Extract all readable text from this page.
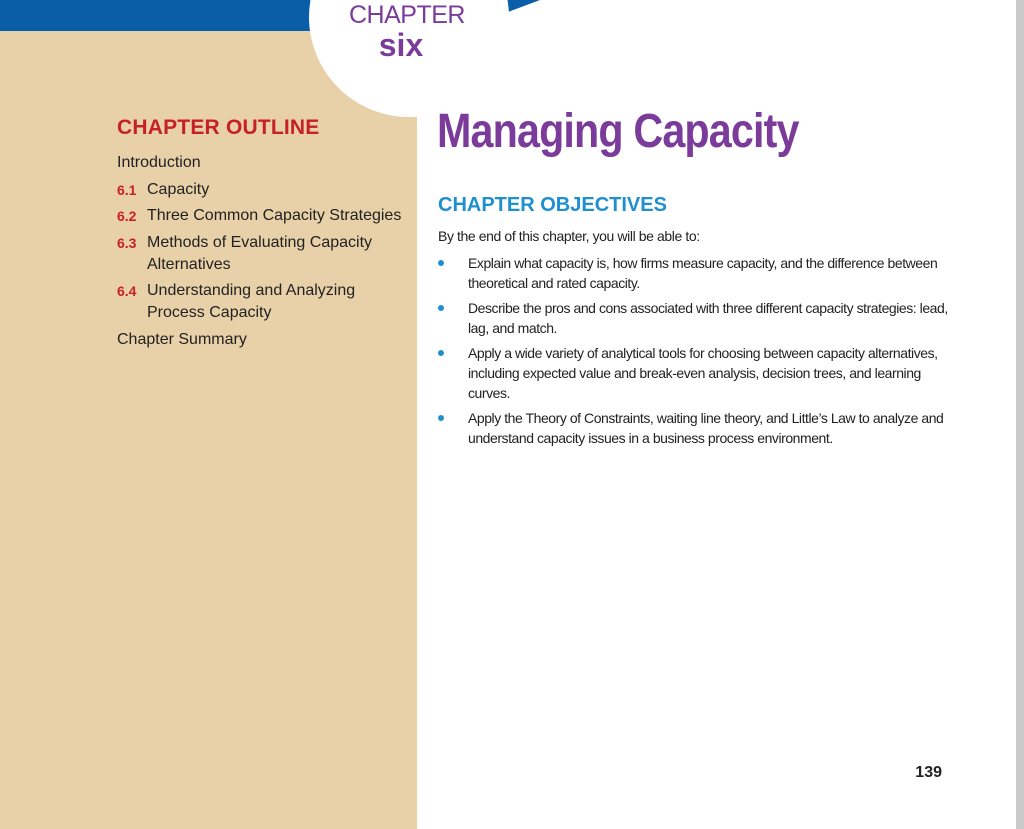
CHAPTER
six
CHAPTER OUTLINE
Introduction
6.1 Capacity
6.2 Three Common Capacity Strategies
6.3 Methods of Evaluating Capacity Alternatives
6.4 Understanding and Analyzing Process Capacity
Chapter Summary
Managing Capacity
CHAPTER OBJECTIVES
By the end of this chapter, you will be able to:
Explain what capacity is, how firms measure capacity, and the difference between theoretical and rated capacity.
Describe the pros and cons associated with three different capacity strategies: lead, lag, and match.
Apply a wide variety of analytical tools for choosing between capacity alternatives, including expected value and break-even analysis, decision trees, and learning curves.
Apply the Theory of Constraints, waiting line theory, and Little’s Law to analyze and understand capacity issues in a business process environment.
139
